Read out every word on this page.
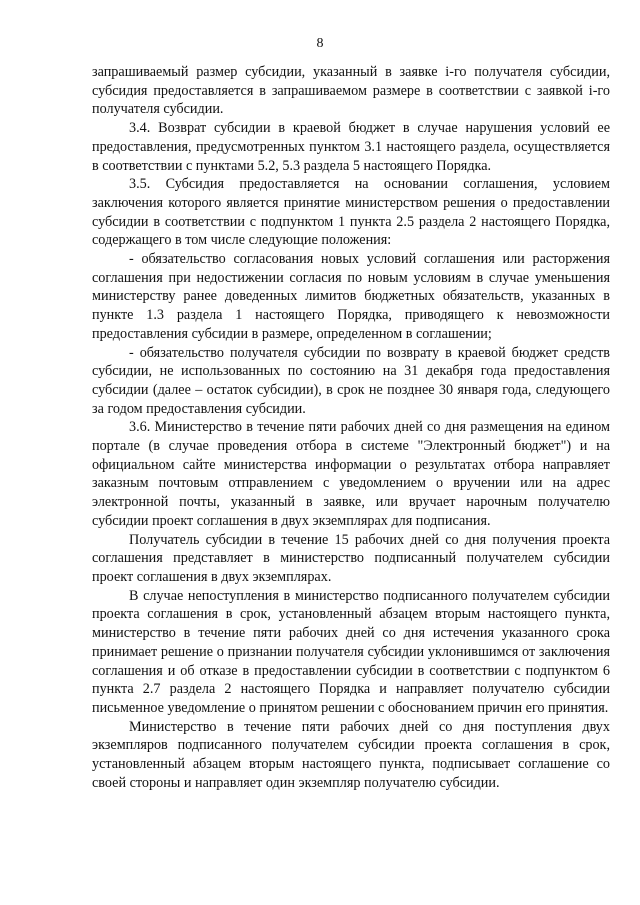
8

запрашиваемый размер субсидии, указанный в заявке i-го получателя субсидии, субсидия предоставляется в запрашиваемом размере в соответствии с заявкой i-го получателя субсидии.

3.4. Возврат субсидии в краевой бюджет в случае нарушения условий ее предоставления, предусмотренных пунктом 3.1 настоящего раздела, осуществляется в соответствии с пунктами 5.2, 5.3 раздела 5 настоящего Порядка.

3.5. Субсидия предоставляется на основании соглашения, условием заключения которого является принятие министерством решения о предоставлении субсидии в соответствии с подпунктом 1 пункта 2.5 раздела 2 настоящего Порядка, содержащего в том числе следующие положения:

- обязательство согласования новых условий соглашения или расторжения соглашения при недостижении согласия по новым условиям в случае уменьшения министерству ранее доведенных лимитов бюджетных обязательств, указанных в пункте 1.3 раздела 1 настоящего Порядка, приводящего к невозможности предоставления субсидии в размере, определенном в соглашении;

- обязательство получателя субсидии по возврату в краевой бюджет средств субсидии, не использованных по состоянию на 31 декабря года предоставления субсидии (далее – остаток субсидии), в срок не позднее 30 января года, следующего за годом предоставления субсидии.

3.6. Министерство в течение пяти рабочих дней со дня размещения на едином портале (в случае проведения отбора в системе "Электронный бюджет") и на официальном сайте министерства информации о результатах отбора направляет заказным почтовым отправлением с уведомлением о вручении или на адрес электронной почты, указанный в заявке, или вручает нарочным получателю субсидии проект соглашения в двух экземплярах для подписания.

Получатель субсидии в течение 15 рабочих дней со дня получения проекта соглашения представляет в министерство подписанный получателем субсидии проект соглашения в двух экземплярах.

В случае непоступления в министерство подписанного получателем субсидии проекта соглашения в срок, установленный абзацем вторым настоящего пункта, министерство в течение пяти рабочих дней со дня истечения указанного срока принимает решение о признании получателя субсидии уклонившимся от заключения соглашения и об отказе в предоставлении субсидии в соответствии с подпунктом 6 пункта 2.7 раздела 2 настоящего Порядка и направляет получателю субсидии письменное уведомление о принятом решении с обоснованием причин его принятия.

Министерство в течение пяти рабочих дней со дня поступления двух экземпляров подписанного получателем субсидии проекта соглашения в срок, установленный абзацем вторым настоящего пункта, подписывает соглашение со своей стороны и направляет один экземпляр получателю субсидии.
